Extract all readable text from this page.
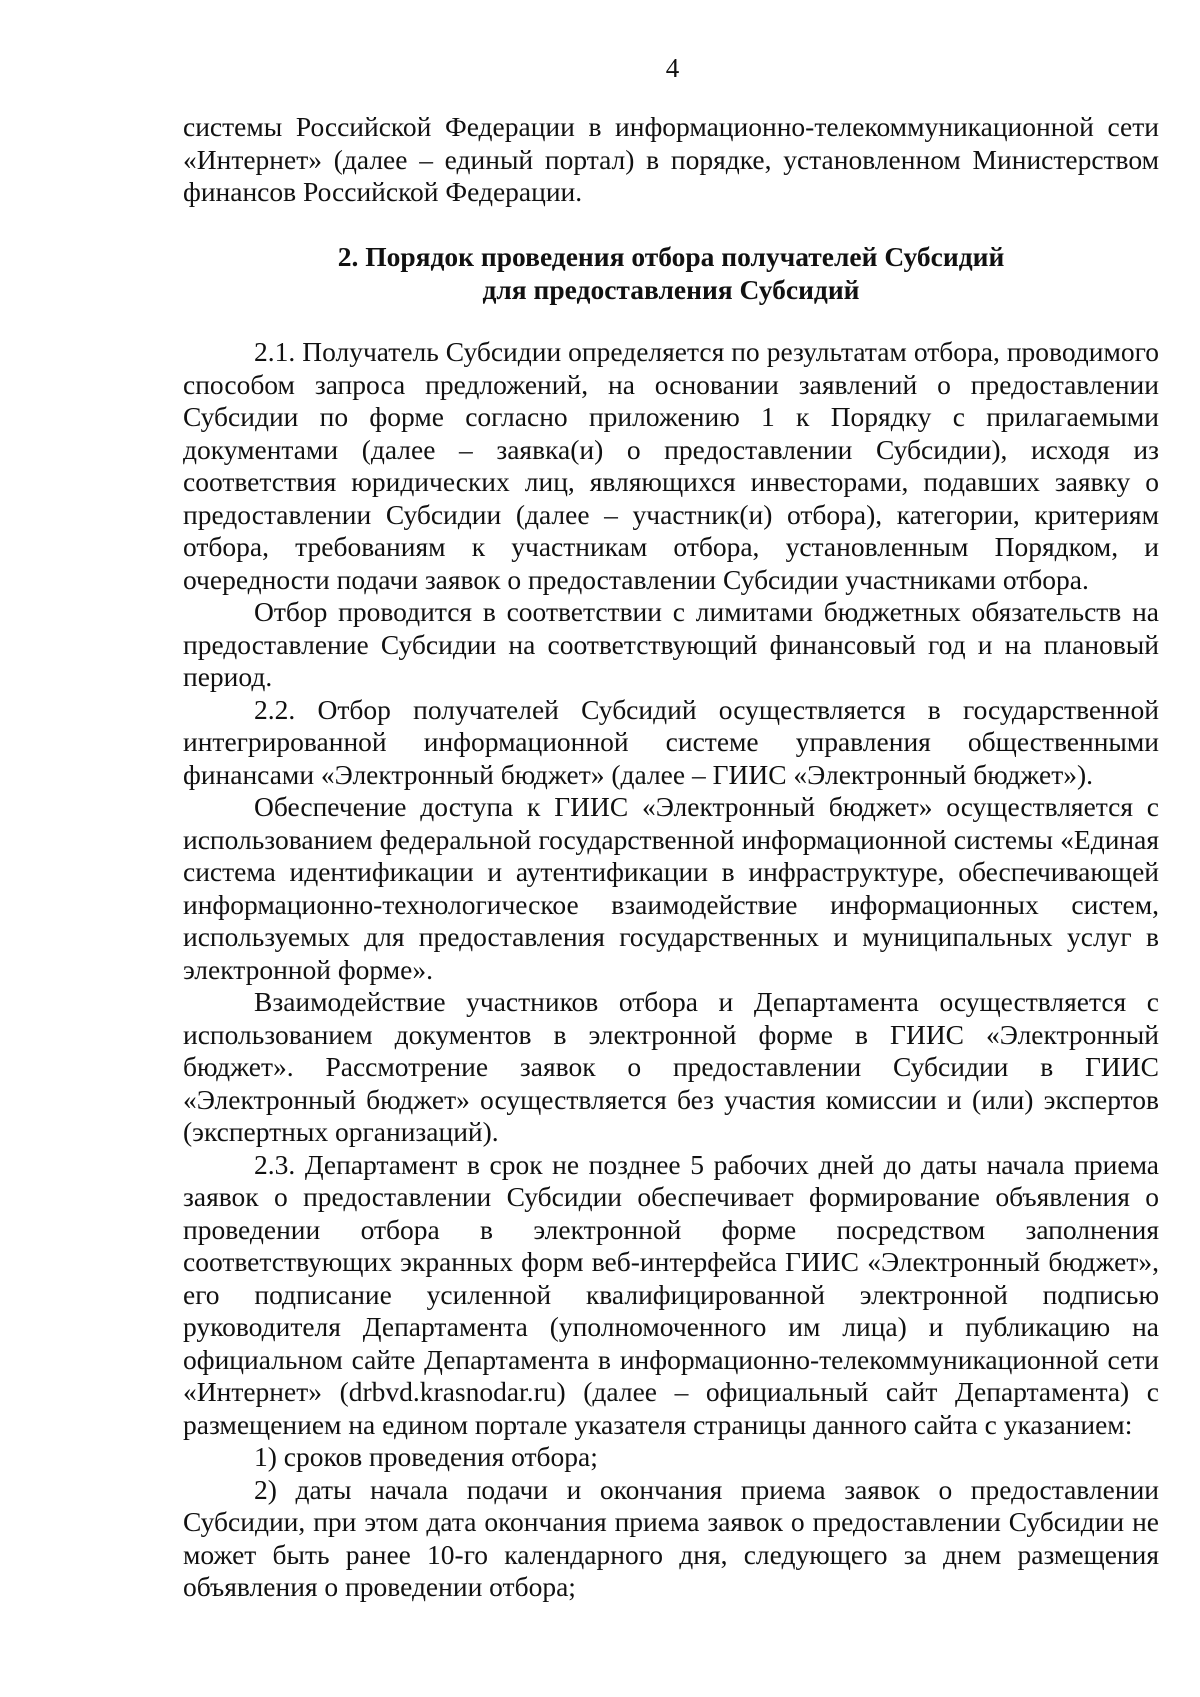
4

системы Российской Федерации в информационно-телекоммуникационной сети «Интернет» (далее – единый портал) в порядке, установленном Министерством финансов Российской Федерации.

2. Порядок проведения отбора получателей Субсидий
для предоставления Субсидий

2.1. Получатель Субсидии определяется по результатам отбора, проводимого способом запроса предложений, на основании заявлений о предоставлении Субсидии по форме согласно приложению 1 к Порядку с прилагаемыми документами (далее – заявка(и) о предоставлении Субсидии), исходя из соответствия юридических лиц, являющихся инвесторами, подавших заявку о предоставлении Субсидии (далее – участник(и) отбора), категории, критериям отбора, требованиям к участникам отбора, установленным Порядком, и очередности подачи заявок о предоставлении Субсидии участниками отбора.

Отбор проводится в соответствии с лимитами бюджетных обязательств на предоставление Субсидии на соответствующий финансовый год и на плановый период.

2.2. Отбор получателей Субсидий осуществляется в государственной интегрированной информационной системе управления общественными финансами «Электронный бюджет» (далее – ГИИС «Электронный бюджет»).

Обеспечение доступа к ГИИС «Электронный бюджет» осуществляется с использованием федеральной государственной информационной системы «Единая система идентификации и аутентификации в инфраструктуре, обеспечивающей информационно-технологическое взаимодействие информационных систем, используемых для предоставления государственных и муниципальных услуг в электронной форме».

Взаимодействие участников отбора и Департамента осуществляется с использованием документов в электронной форме в ГИИС «Электронный бюджет». Рассмотрение заявок о предоставлении Субсидии в ГИИС «Электронный бюджет» осуществляется без участия комиссии и (или) экспертов (экспертных организаций).

2.3. Департамент в срок не позднее 5 рабочих дней до даты начала приема заявок о предоставлении Субсидии обеспечивает формирование объявления о проведении отбора в электронной форме посредством заполнения соответствующих экранных форм веб-интерфейса ГИИС «Электронный бюджет», его подписание усиленной квалифицированной электронной подписью руководителя Департамента (уполномоченного им лица) и публикацию на официальном сайте Департамента в информационно-телекоммуникационной сети «Интернет» (drbvd.krasnodar.ru) (далее – официальный сайт Департамента) с размещением на едином портале указателя страницы данного сайта с указанием:

1) сроков проведения отбора;

2) даты начала подачи и окончания приема заявок о предоставлении Субсидии, при этом дата окончания приема заявок о предоставлении Субсидии не может быть ранее 10-го календарного дня, следующего за днем размещения объявления о проведении отбора;
